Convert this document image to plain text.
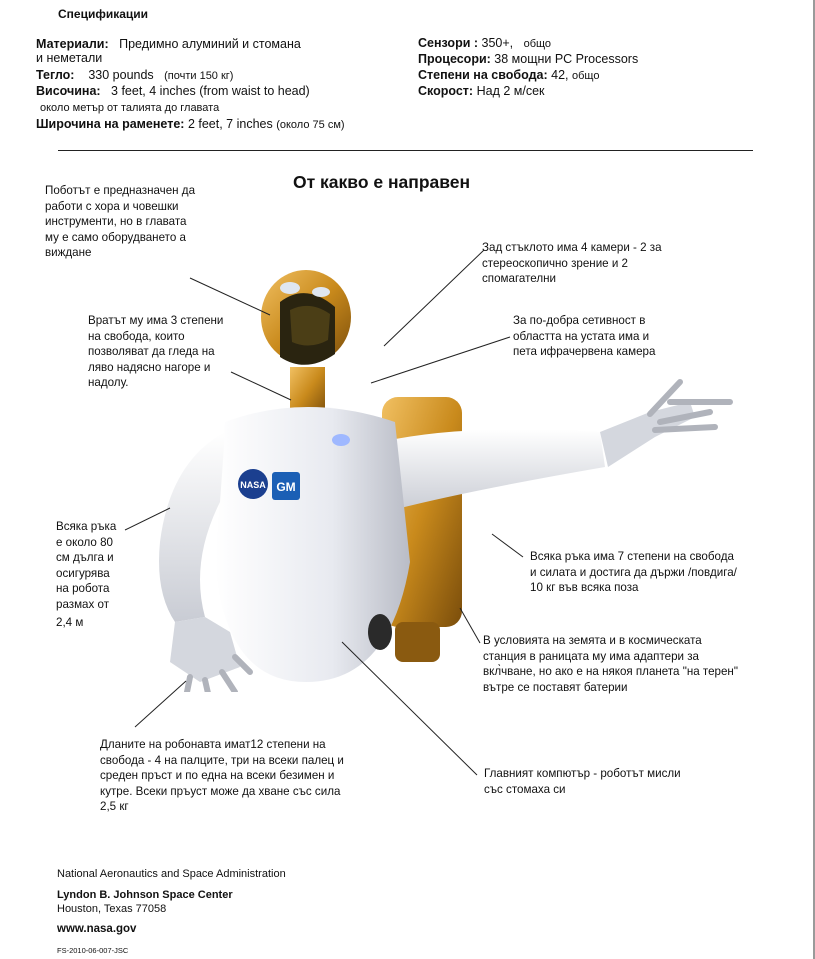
Спецификации
Материали: Предимно алуминий и стомана
и неметали
Тегло: 330 pounds (почти 150 кг)
Височина: 3 feet, 4 inches (from waist to head)
около метър от талията до главата
Широчина на раменете: 2 feet, 7 inches (около 75 см)
Сензори : 350+, общо
Процесори: 38 мощни PC Processors
Степени на свобода: 42, общо
Скорост: Над 2 м/сек
От какво е направен
NASA GM
Поботът е предназначен да
работи с хора и човешки
инструменти, но в главата
му е само оборудването а
виждане	Зад стъклото има 4 камери - 2 за
стереоскопично зрение и 2
спомагателни
За по-добра сетивност в
областта на устата има и
пета ифрачервена камера
Вратът му има 3 степени
на свобода, които
позволяват да гледа на
ляво надясно нагоре и
надолу.
Всяка ръка
е около 80
см дълга и
осигурява
на робота
размах от
2,4 м
Всяка ръка има 7 степени на свобода
и силата и достига да държи /повдига/
10 кг във всяка поза
В условията на земята и в космическата
станция в раницата му има адаптери за
вкл̀чване, но ако е на някоя планета "на терен"
вътре се поставят батерии
Дланите на робонавта имат12 степени на
свобода - 4 на палците, три на всеки палец и
среден пръст и по една на всеки безимен и
кутре. Всеки пръуст може да хване със сила
2,5 кг
Главният компютър - роботът мисли
със стомаха си
National Aeronautics and Space Administration
Lyndon B. Johnson Space Center
Houston, Texas 77058
www.nasa.gov
FS-2010-06-007-JSC
